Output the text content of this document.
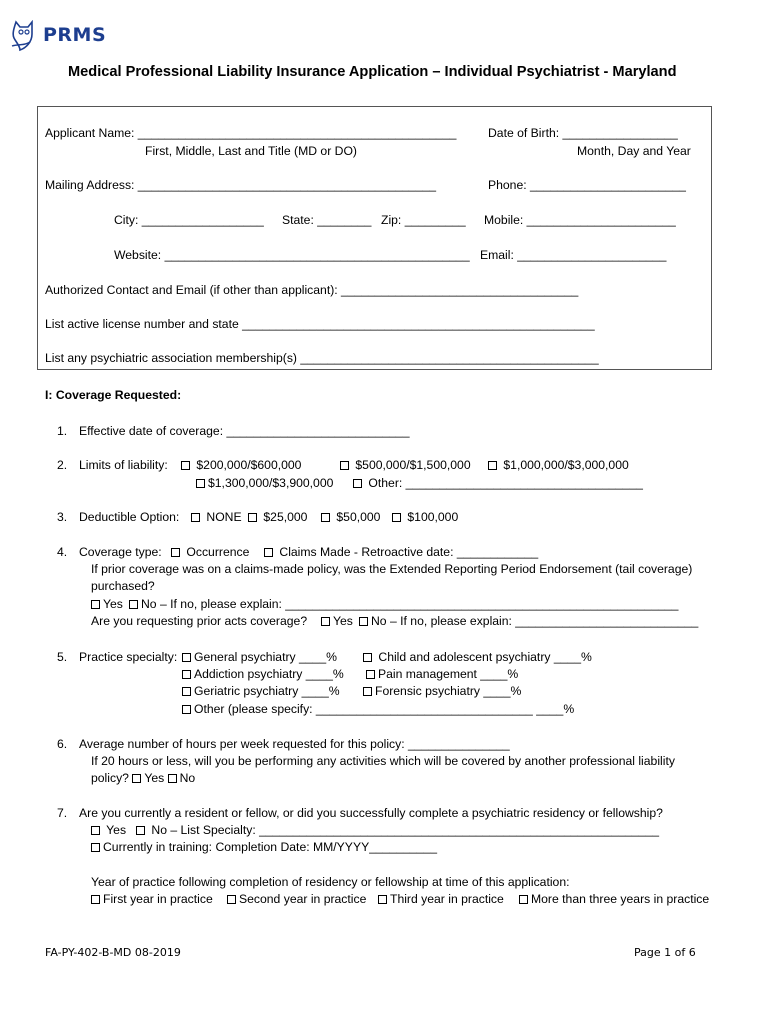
PRMS
Medical Professional Liability Insurance Application – Individual Psychiatrist - Maryland
Applicant Name: _______________________________________________	Date of Birth: _________________
First, Middle, Last and Title (MD or DO)	Month, Day and Year
Mailing Address: ____________________________________________	Phone: _______________________
City: __________________ State: ________ Zip: _________ Mobile: ______________________
Website: _____________________________________________ Email: ______________________
Authorized Contact and Email (if other than applicant): ___________________________________
List active license number and state ____________________________________________________
List any psychiatric association membership(s) ____________________________________________
I: Coverage Requested:
1. Effective date of coverage: ___________________________
2. Limits of liability:	$200,000/$600,000	$500,000/$1,500,000	$1,000,000/$3,000,000
$1,300,000/$3,900,000	Other: ___________________________________
3. Deductible Option:	NONE	$25,000	$50,000	$100,000
4. Coverage type:	Occurrence	Claims Made - Retroactive date: ____________
If prior coverage was on a claims-made policy, was the Extended Reporting Period Endorsement (tail coverage)
purchased?
Yes	No – If no, please explain: __________________________________________________________
Are you requesting prior acts coverage?	Yes	No – If no, please explain: ___________________________
5. Practice specialty:	General psychiatry ____%	Child and adolescent psychiatry ____%
Addiction psychiatry ____%	Pain management ____%
Geriatric psychiatry ____%	Forensic psychiatry ____%
Other (please specify: ________________________________ ____%
6. Average number of hours per week requested for this policy: _______________
If 20 hours or less, will you be performing any activities which will be covered by another professional liability
policy? Yes No
7. Are you currently a resident or fellow, or did you successfully complete a psychiatric residency or fellowship?
Yes	No – List Specialty: ___________________________________________________________
Currently in training: Completion Date: MM/YYYY__________
Year of practice following completion of residency or fellowship at time of this application:
First year in practice	Second year in practice	Third year in practice	More than three years in practice
FA-PY-402-B-MD 08-2019	Page 1 of 6
